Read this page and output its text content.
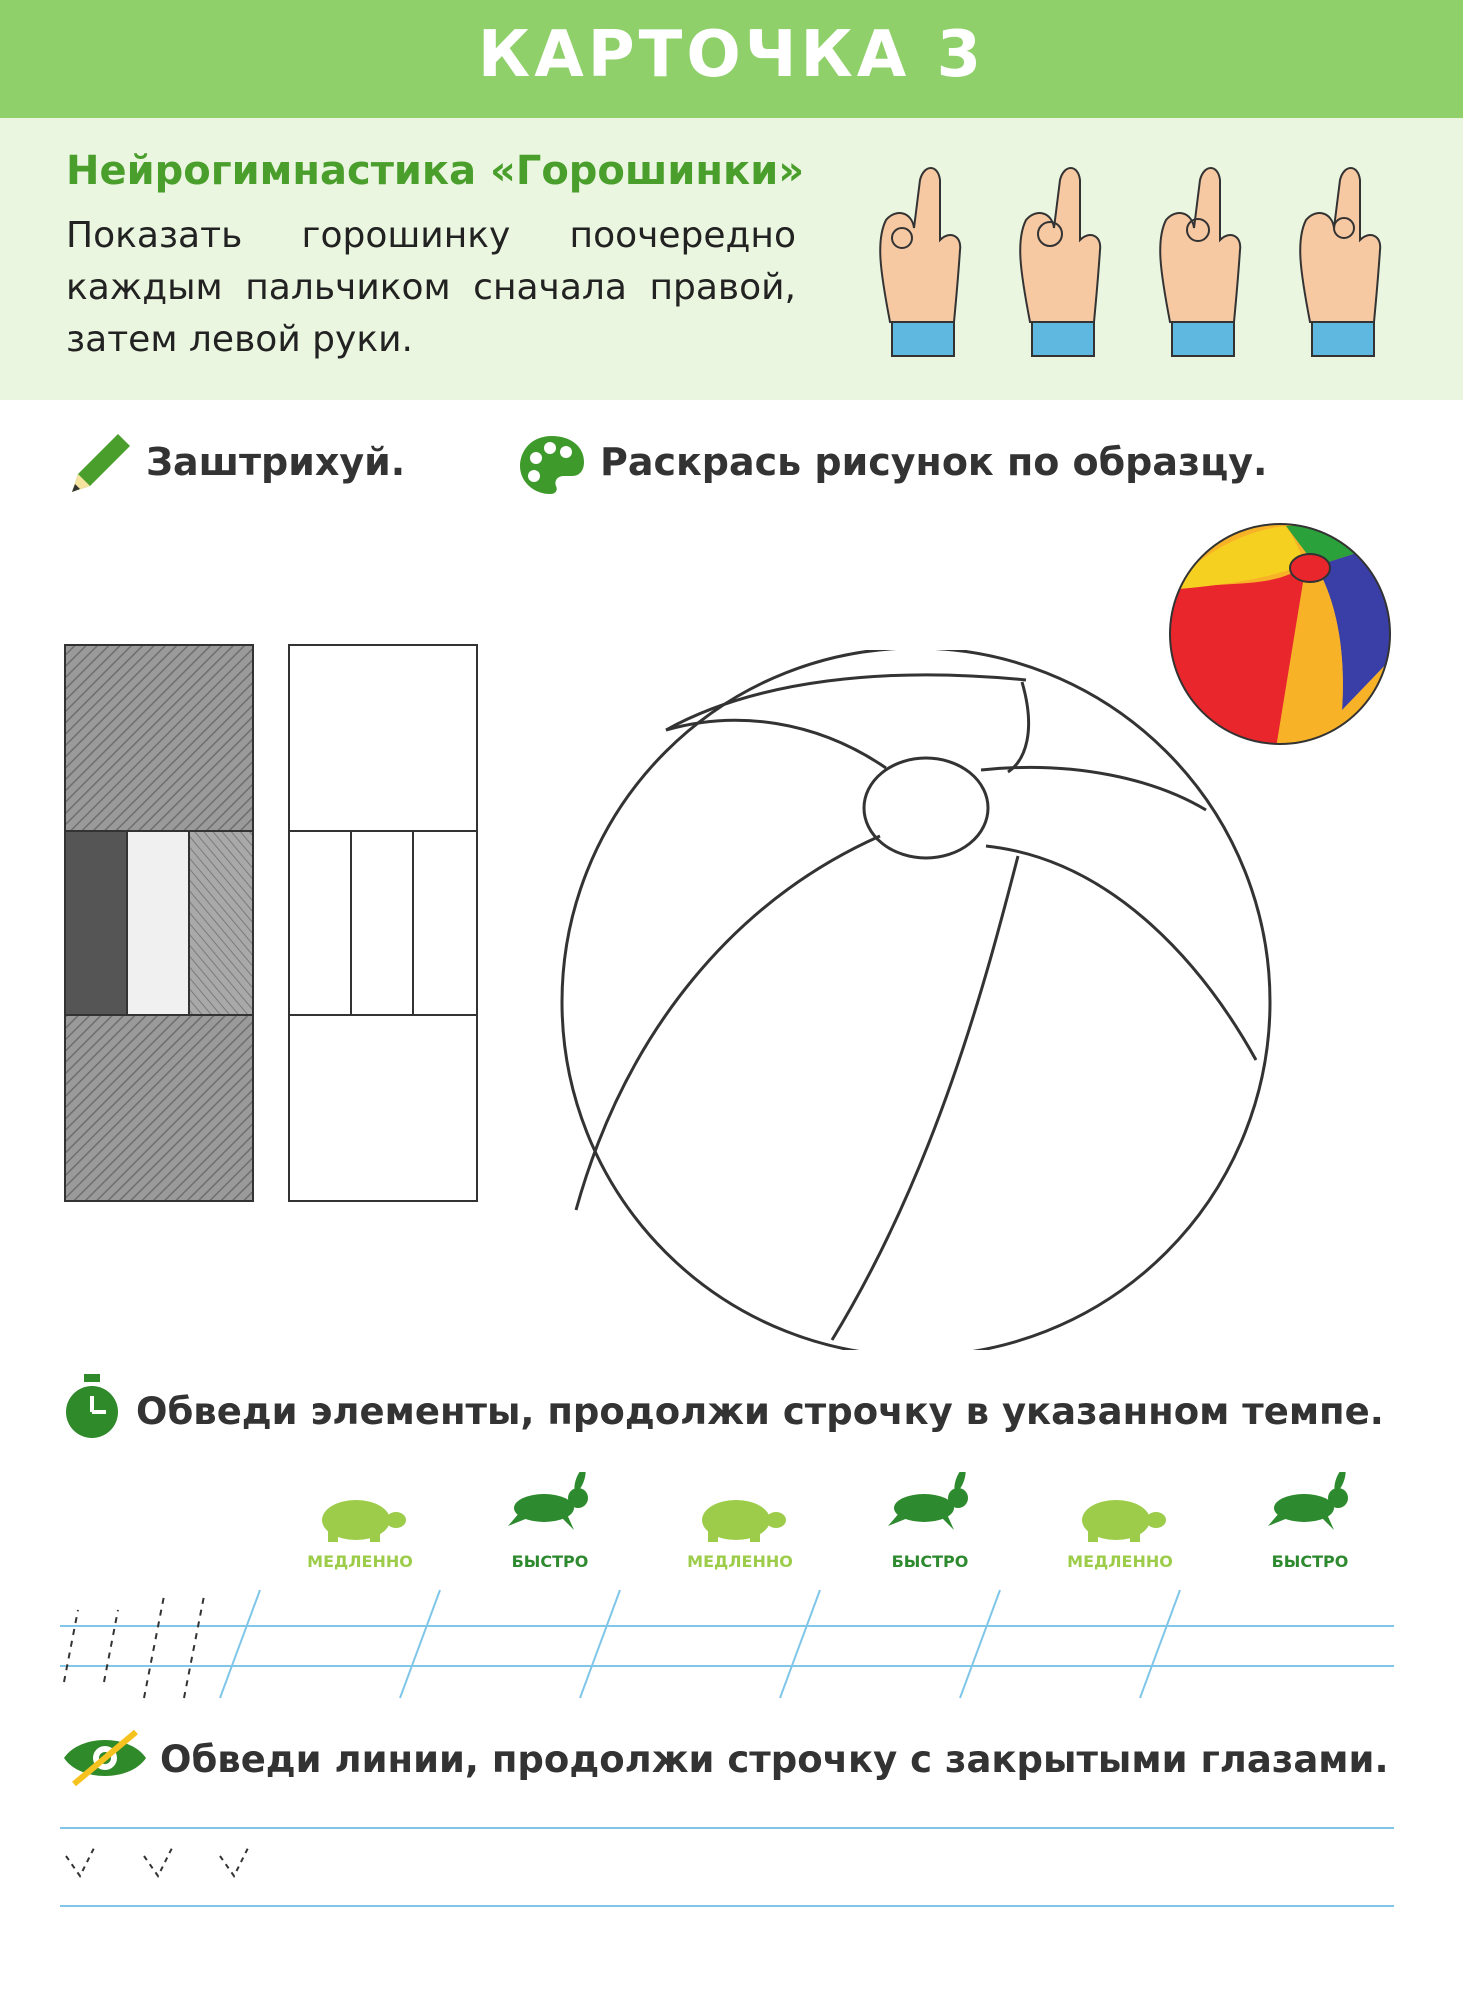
КАРТОЧКА 3
Нейрогимнастика «Горошинки»
Показать горошинку поочередно каждым пальчиком сначала правой, затем левой руки.
Заштрихуй.	Раскрась рисунок по образцу.
Обведи элементы, продолжи строчку в указанном темпе.
МЕДЛЕННО	БЫСТРО	МЕДЛЕННО	БЫСТРО	МЕДЛЕННО	БЫСТРО
Обведи линии, продолжи строчку с закрытыми глазами.
